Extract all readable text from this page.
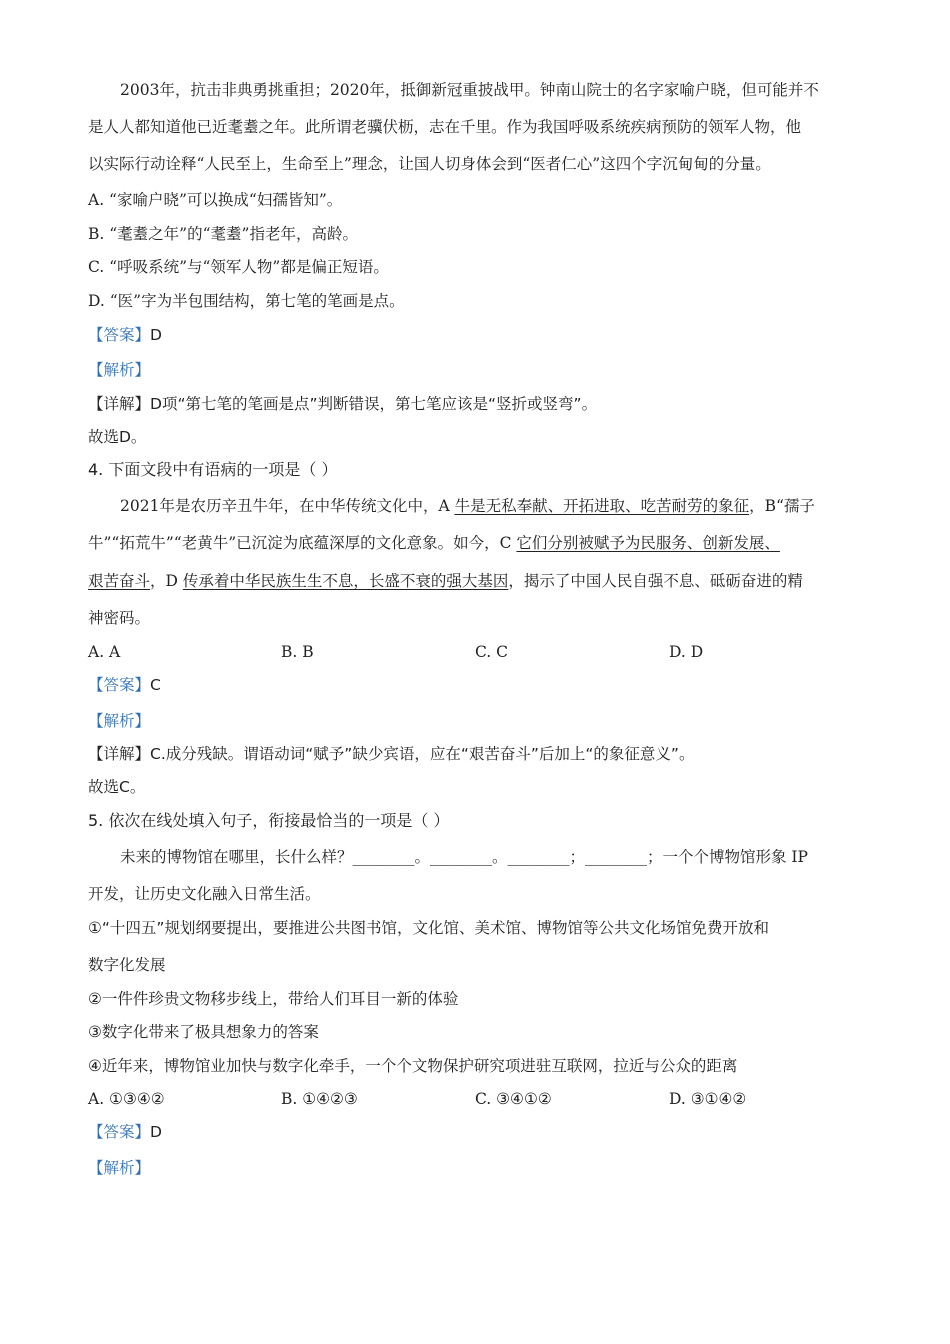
2003年，抗击非典勇挑重担；2020年，抵御新冠重披战甲。钟南山院士的名字家喻户晓，但可能并不
是人人都知道他已近耄耋之年。此所谓老骥伏枥，志在千里。作为我国呼吸系统疾病预防的领军人物，他
以实际行动诠释“人民至上，生命至上”理念，让国人切身体会到“医者仁心”这四个字沉甸甸的分量。
A. “家喻户晓”可以换成“妇孺皆知”。
B. “耄耋之年”的“耄耋”指老年，高龄。
C. “呼吸系统”与“领军人物”都是偏正短语。
D. “医”字为半包围结构，第七笔的笔画是点。
【答案】D
【解析】
【详解】D项“第七笔的笔画是点”判断错误，第七笔应该是“竖折或竖弯”。
故选D。
4. 下面文段中有语病的一项是（ ）
2021年是农历辛丑牛年，在中华传统文化中，A 牛是无私奉献、开拓进取、吃苦耐劳的象征，B“孺子
牛”“拓荒牛”“老黄牛”已沉淀为底蕴深厚的文化意象。如今，C 它们分别被赋予为民服务、创新发展、
艰苦奋斗，D 传承着中华民族生生不息，长盛不衰的强大基因，揭示了中国人民自强不息、砥砺奋进的精
神密码。
A. A	B. B	C. C	D. D
【答案】C
【解析】
【详解】C.成分残缺。谓语动词“赋予”缺少宾语，应在“艰苦奋斗”后加上“的象征意义”。
故选C。
5. 依次在线处填入句子，衔接最恰当的一项是（ ）
未来的博物馆在哪里，长什么样？________。________。________；________；一个个博物馆形象 IP
开发，让历史文化融入日常生活。
①“十四五”规划纲要提出，要推进公共图书馆，文化馆、美术馆、博物馆等公共文化场馆免费开放和
数字化发展
②一件件珍贵文物移步线上，带给人们耳目一新的体验
③数字化带来了极具想象力的答案
④近年来，博物馆业加快与数字化牵手，一个个文物保护研究项进驻互联网，拉近与公众的距离
A. ①③④②	B. ①④②③	C. ③④①②	D. ③①④②
【答案】D
【解析】
